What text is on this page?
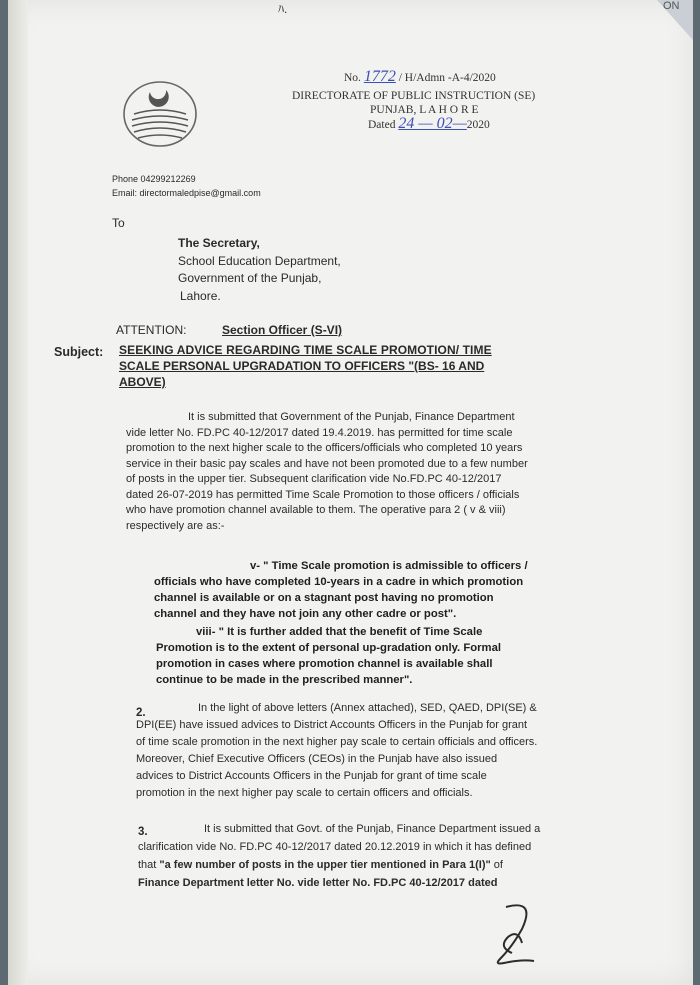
ﾊ.	ON
No. 1772 / H/Admn -A-4/2020
DIRECTORATE OF PUBLIC INSTRUCTION (SE)
PUNJAB, L A H O R E
Dated 24 — 02—2020
Phone 04299212269
Email: directormaledpise@gmail.com
To
The Secretary,
School Education Department,
Government of the Punjab,
Lahore.
ATTENTION:	Section Officer (S-VI)
Subject: SEEKING ADVICE REGARDING TIME SCALE PROMOTION/ TIME
SCALE PERSONAL UPGRADATION TO OFFICERS "(BS- 16 AND
ABOVE)
It is submitted that Government of the Punjab, Finance Department
vide letter No. FD.PC 40-12/2017 dated 19.4.2019. has permitted for time scale
promotion to the next higher scale to the officers/officials who completed 10 years
service in their basic pay scales and have not been promoted due to a few number
of posts in the upper tier. Subsequent clarification vide No.FD.PC 40-12/2017
dated 26-07-2019 has permitted Time Scale Promotion to those officers / officials
who have promotion channel available to them. The operative para 2 ( v & viii)
respectively are as:-
v- " Time Scale promotion is admissible to officers /
officials who have completed 10-years in a cadre in which promotion
channel is available or on a stagnant post having no promotion
channel and they have not join any other cadre or post".
viii- " It is further added that the benefit of Time Scale
Promotion is to the extent of personal up-gradation only. Formal
promotion in cases where promotion channel is available shall
continue to be made in the prescribed manner".
2.	In the light of above letters (Annex attached), SED, QAED, DPI(SE) &
DPI(EE) have issued advices to District Accounts Officers in the Punjab for grant
of time scale promotion in the next higher pay scale to certain officials and officers.
Moreover, Chief Executive Officers (CEOs) in the Punjab have also issued
advices to District Accounts Officers in the Punjab for grant of time scale
promotion in the next higher pay scale to certain officers and officials.
3.	It is submitted that Govt. of the Punjab, Finance Department issued a
clarification vide No. FD.PC 40-12/2017 dated 20.12.2019 in which it has defined
that "a few number of posts in the upper tier mentioned in Para 1(I)" of
Finance Department letter No. vide letter No. FD.PC 40-12/2017 dated
